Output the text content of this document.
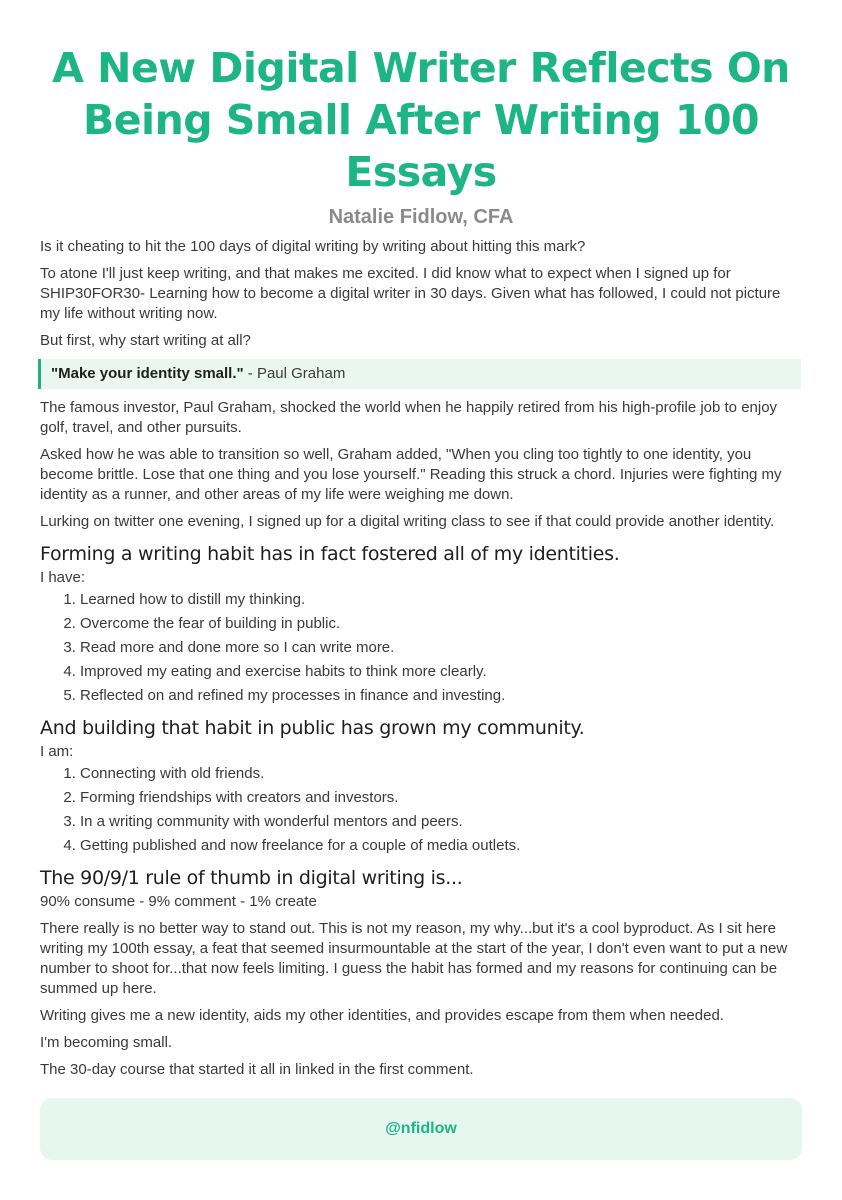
A New Digital Writer Reflects On Being Small After Writing 100 Essays
Natalie Fidlow, CFA

Is it cheating to hit the 100 days of digital writing by writing about hitting this mark?

To atone I'll just keep writing, and that makes me excited. I did know what to expect when I signed up for SHIP30FOR30- Learning how to become a digital writer in 30 days. Given what has followed, I could not picture my life without writing now.

But first, why start writing at all?

"Make your identity small." - Paul Graham

The famous investor, Paul Graham, shocked the world when he happily retired from his high-profile job to enjoy golf, travel, and other pursuits.

Asked how he was able to transition so well, Graham added, "When you cling too tightly to one identity, you become brittle. Lose that one thing and you lose yourself." Reading this struck a chord. Injuries were fighting my identity as a runner, and other areas of my life were weighing me down.

Lurking on twitter one evening, I signed up for a digital writing class to see if that could provide another identity.

Forming a writing habit has in fact fostered all of my identities.

I have:

1. Learned how to distill my thinking.
2. Overcome the fear of building in public.
3. Read more and done more so I can write more.
4. Improved my eating and exercise habits to think more clearly.
5. Reflected on and refined my processes in finance and investing.
And building that habit in public has grown my community.

I am:

1. Connecting with old friends.
2. Forming friendships with creators and investors.
3. In a writing community with wonderful mentors and peers.
4. Getting published and now freelance for a couple of media outlets.
The 90/9/1 rule of thumb in digital writing is...

90% consume - 9% comment - 1% create

There really is no better way to stand out. This is not my reason, my why...but it's a cool byproduct. As I sit here writing my 100th essay, a feat that seemed insurmountable at the start of the year, I don't even want to put a new number to shoot for...that now feels limiting. I guess the habit has formed and my reasons for continuing can be summed up here.

Writing gives me a new identity, aids my other identities, and provides escape from them when needed.

I'm becoming small.

The 30-day course that started it all in linked in the first comment.

@nfidlow
